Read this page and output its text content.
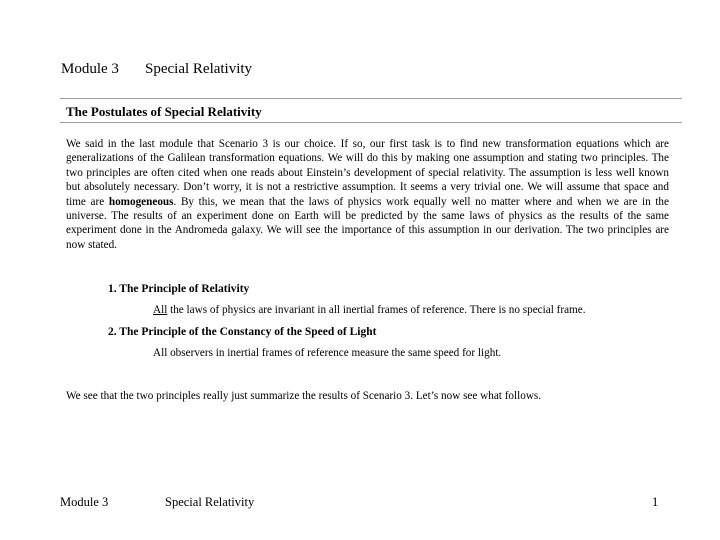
Module 3 Special Relativity
The Postulates of Special Relativity

We said in the last module that Scenario 3 is our choice. If so, our first task is to find new transformation equations which are generalizations of the Galilean transformation equations. We will do this by making one assumption and stating two principles. The two principles are often cited when one reads about Einstein’s development of special relativity. The assumption is less well known but absolutely necessary. Don’t worry, it is not a restrictive assumption. It seems a very trivial one. We will assume that space and time are homogeneous. By this, we mean that the laws of physics work equally well no matter where and when we are in the universe. The results of an experiment done on Earth will be predicted by the same laws of physics as the results of the same experiment done in the Andromeda galaxy. We will see the importance of this assumption in our derivation. The two principles are now stated.

1. The Principle of Relativity
All the laws of physics are invariant in all inertial frames of reference. There is no special frame.
2. The Principle of the Constancy of the Speed of Light
All observers in inertial frames of reference measure the same speed for light.

We see that the two principles really just summarize the results of Scenario 3. Let’s now see what follows.

Module 3	Special Relativity	1
